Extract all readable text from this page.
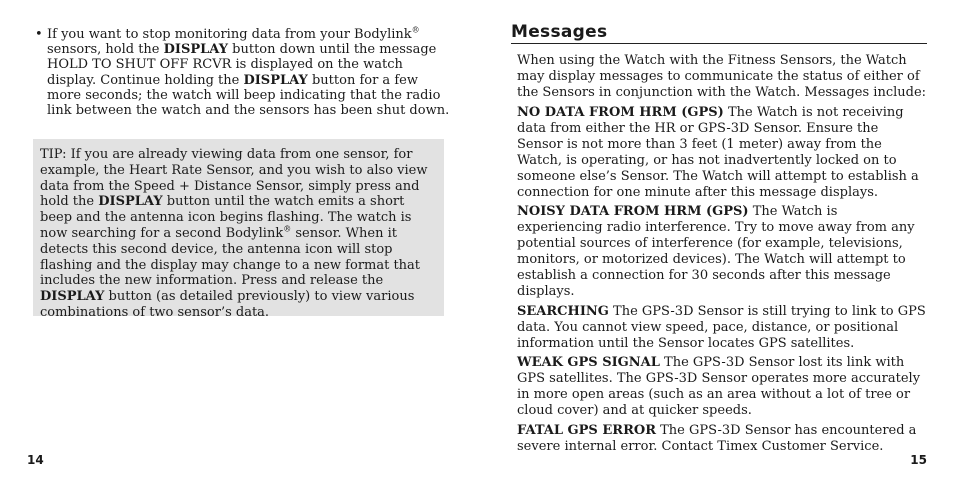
• If you want to stop monitoring data from your Bodylink® sensors, hold the DISPLAY button down until the message HOLD TO SHUT OFF RCVR is displayed on the watch display. Continue holding the DISPLAY button for a few more seconds; the watch will beep indicating that the radio link between the watch and the sensors has been shut down.
TIP: If you are already viewing data from one sensor, for example, the Heart Rate Sensor, and you wish to also view data from the Speed + Distance Sensor, simply press and hold the DISPLAY button until the watch emits a short beep and the antenna icon begins flashing. The watch is now searching for a second Bodylink® sensor. When it detects this second device, the antenna icon will stop flashing and the display may change to a new format that includes the new information. Press and release the DISPLAY button (as detailed previously) to view various combinations of two sensor’s data.
14
Messages

When using the Watch with the Fitness Sensors, the Watch may display messages to communicate the status of either of the Sensors in conjunction with the Watch. Messages include:

NO DATA FROM HRM (GPS) The Watch is not receiving data from either the HR or GPS-3D Sensor. Ensure the Sensor is not more than 3 feet (1 meter) away from the Watch, is operating, or has not inadvertently locked on to someone else’s Sensor. The Watch will attempt to establish a connection for one minute after this message displays.

NOISY DATA FROM HRM (GPS) The Watch is experiencing radio interference. Try to move away from any potential sources of interference (for example, televisions, monitors, or motorized devices). The Watch will attempt to establish a connection for 30 seconds after this message displays.

SEARCHING The GPS-3D Sensor is still trying to link to GPS data. You cannot view speed, pace, distance, or positional information until the Sensor locates GPS satellites.

WEAK GPS SIGNAL The GPS-3D Sensor lost its link with GPS satellites. The GPS-3D Sensor operates more accurately in more open areas (such as an area without a lot of tree or cloud cover) and at quicker speeds.

FATAL GPS ERROR The GPS-3D Sensor has encountered a severe internal error. Contact Timex Customer Service.

15
